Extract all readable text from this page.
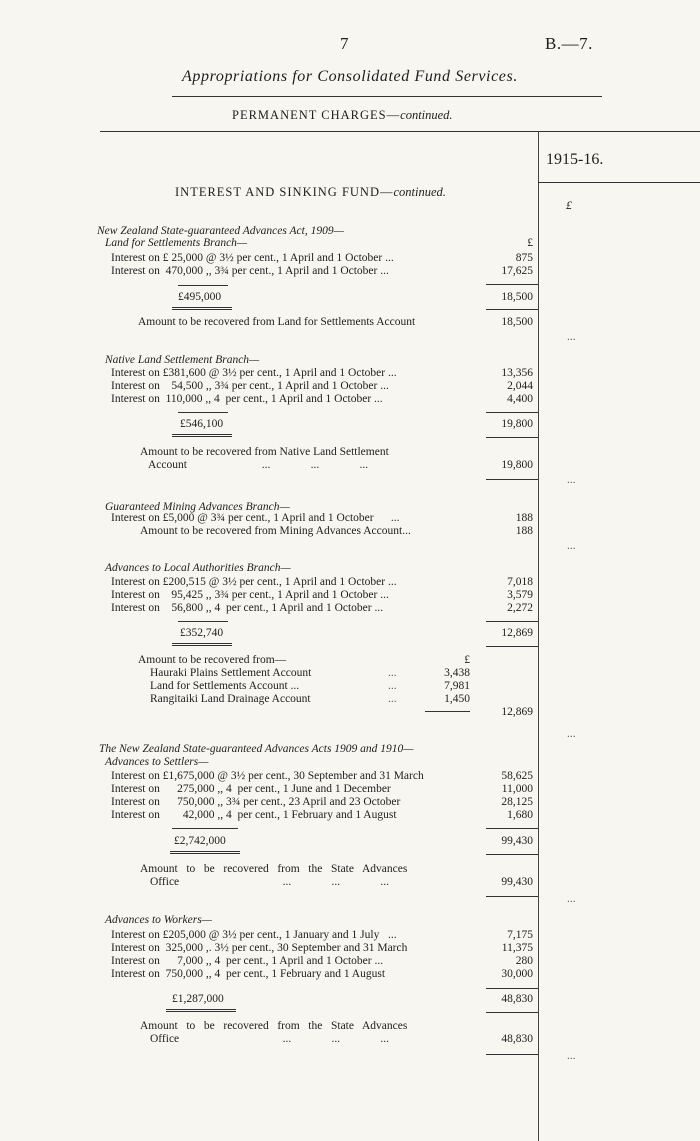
7	B.—7.
Appropriations for Consolidated Fund Services.
PERMANENT CHARGES—continued.
1915-16.
£
INTEREST AND SINKING FUND—continued.
New Zealand State-guaranteed Advances Act, 1909—
Land for Settlements Branch—	£
Interest on £ 25,000 @ 3½ per cent., 1 April and 1 October ...	875
Interest on  470,000 ,, 3¾ per cent., 1 April and 1 October ...	17,625
£495,000	18,500
Amount to be recovered from Land for Settlements Account	18,500
...
Native Land Settlement Branch—
Interest on £381,600 @ 3½ per cent., 1 April and 1 October ...	13,356
Interest on    54,500 ,, 3¾ per cent., 1 April and 1 October ...	2,044
Interest on  110,000 ,, 4  per cent., 1 April and 1 October ...	4,400
£546,100	19,800
Amount to be recovered from Native Land Settlement
Account                          ...              ...              ...	19,800
...
Guaranteed Mining Advances Branch—
Interest on £5,000 @ 3¾ per cent., 1 April and 1 October      ...	188
Amount to be recovered from Mining Advances Account...	188
...
Advances to Local Authorities Branch—
Interest on £200,515 @ 3½ per cent., 1 April and 1 October ...	7,018
Interest on    95,425 ,, 3¾ per cent., 1 April and 1 October ...	3,579
Interest on    56,800 ,, 4  per cent., 1 April and 1 October ...	2,272
£352,740	12,869
Amount to be recovered from—	£
Hauraki Plains Settlement Account	...	3,438
Land for Settlements Account ...	...	7,981
Rangitaiki Land Drainage Account	...	1,450
12,869
...
The New Zealand State-guaranteed Advances Acts 1909 and 1910—
Advances to Settlers—
Interest on £1,675,000 @ 3½ per cent., 30 September and 31 March	58,625
Interest on      275,000 ,, 4  per cent., 1 June and 1 December	11,000
Interest on      750,000 ,, 3¾ per cent., 23 April and 23 October	28,125
Interest on        42,000 ,, 4  per cent., 1 February and 1 August	1,680
£2,742,000	99,430
Amount   to   be   recovered   from   the   State   Advances
Office                                    ...              ...              ...	99,430
...
Advances to Workers—
Interest on £205,000 @ 3½ per cent., 1 January and 1 July   ...	7,175
Interest on  325,000 ,. 3½ per cent., 30 September and 31 March	11,375
Interest on      7,000 ,, 4  per cent., 1 April and 1 October ...	280
Interest on  750,000 ,, 4  per cent., 1 February and 1 August	30,000
£1,287,000	48,830
Amount   to   be   recovered   from   the   State   Advances
Office                                    ...              ...              ...	48,830
...
